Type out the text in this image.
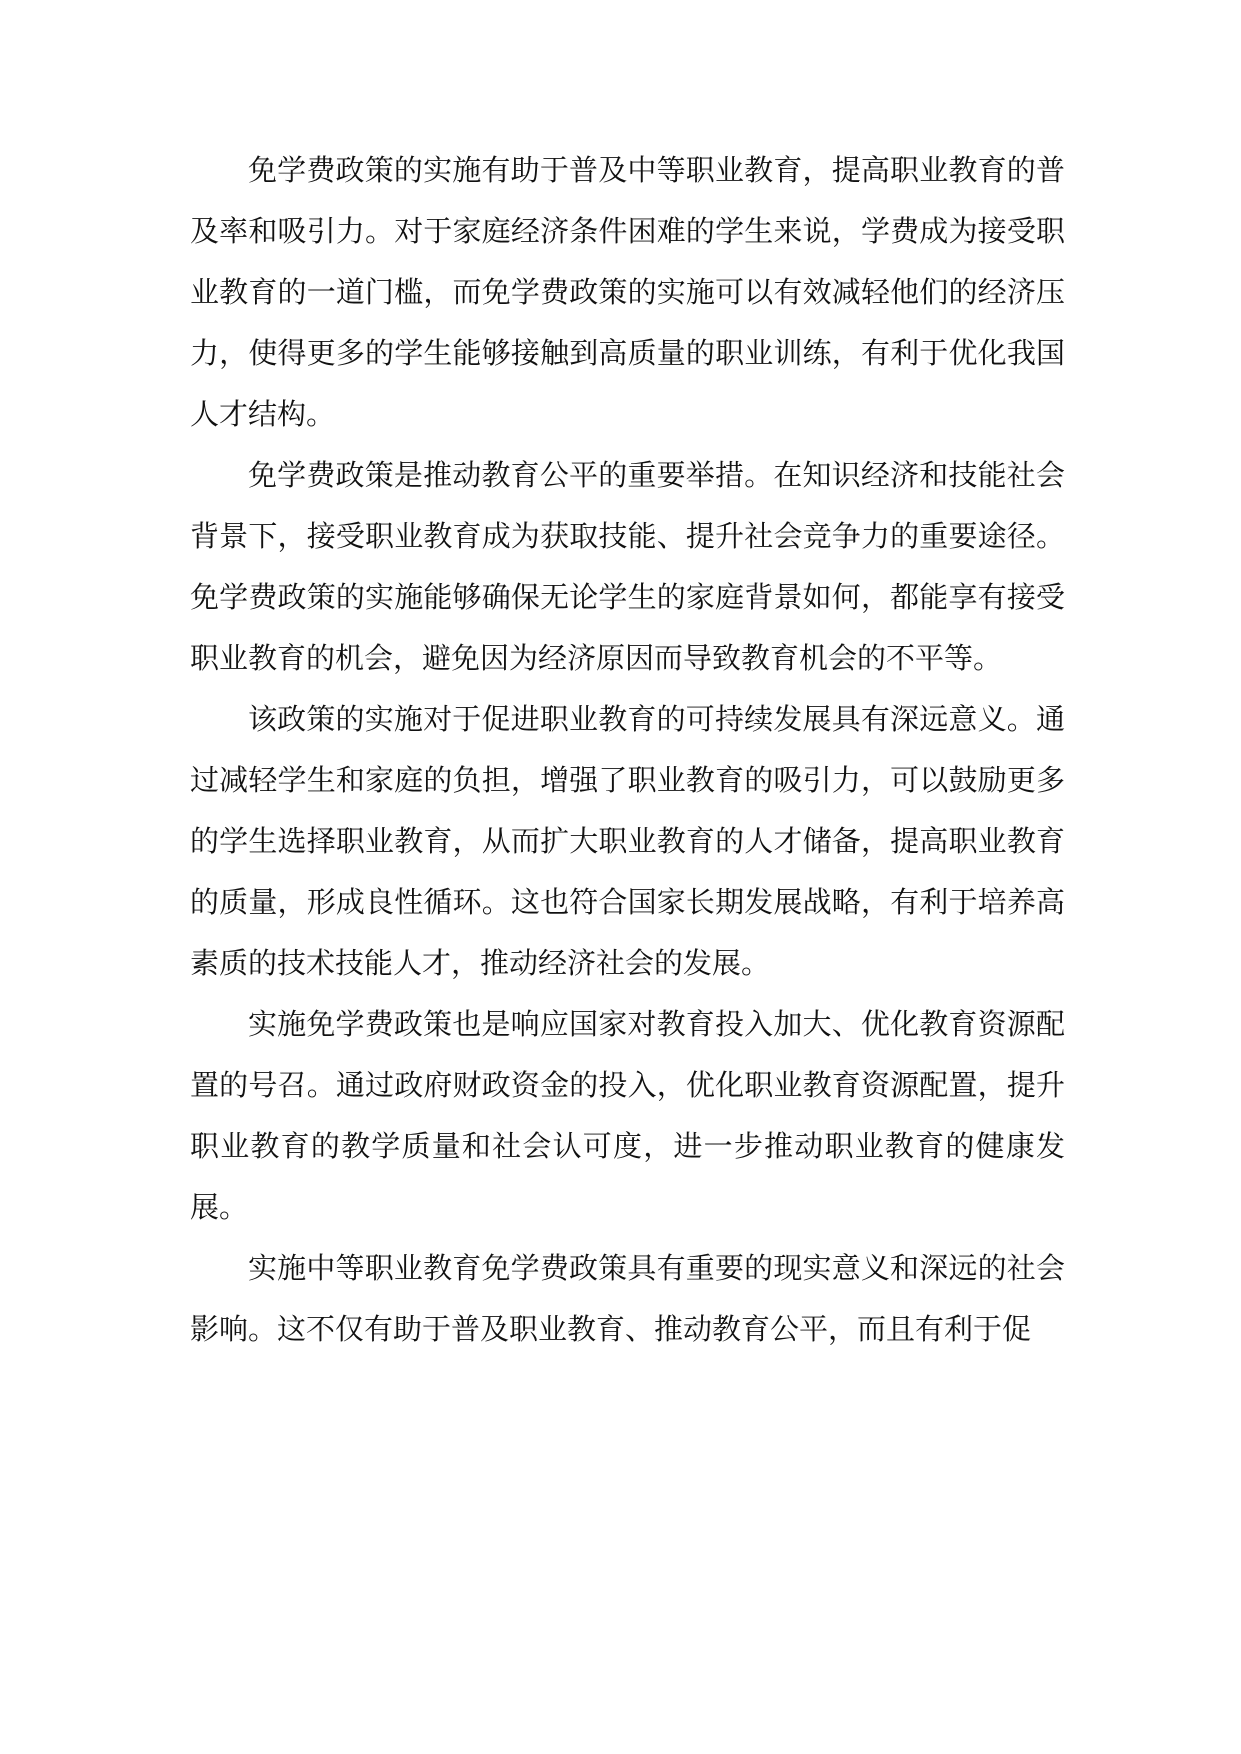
免学费政策的实施有助于普及中等职业教育，提高职业教育的普及率和吸引力。对于家庭经济条件困难的学生来说，学费成为接受职业教育的一道门槛，而免学费政策的实施可以有效减轻他们的经济压力，使得更多的学生能够接触到高质量的职业训练，有利于优化我国人才结构。

免学费政策是推动教育公平的重要举措。在知识经济和技能社会背景下，接受职业教育成为获取技能、提升社会竞争力的重要途径。免学费政策的实施能够确保无论学生的家庭背景如何，都能享有接受职业教育的机会，避免因为经济原因而导致教育机会的不平等。

该政策的实施对于促进职业教育的可持续发展具有深远意义。通过减轻学生和家庭的负担，增强了职业教育的吸引力，可以鼓励更多的学生选择职业教育，从而扩大职业教育的人才储备，提高职业教育的质量，形成良性循环。这也符合国家长期发展战略，有利于培养高素质的技术技能人才，推动经济社会的发展。

实施免学费政策也是响应国家对教育投入加大、优化教育资源配置的号召。通过政府财政资金的投入，优化职业教育资源配置，提升职业教育的教学质量和社会认可度，进一步推动职业教育的健康发展。

实施中等职业教育免学费政策具有重要的现实意义和深远的社会影响。这不仅有助于普及职业教育、推动教育公平，而且有利于促
